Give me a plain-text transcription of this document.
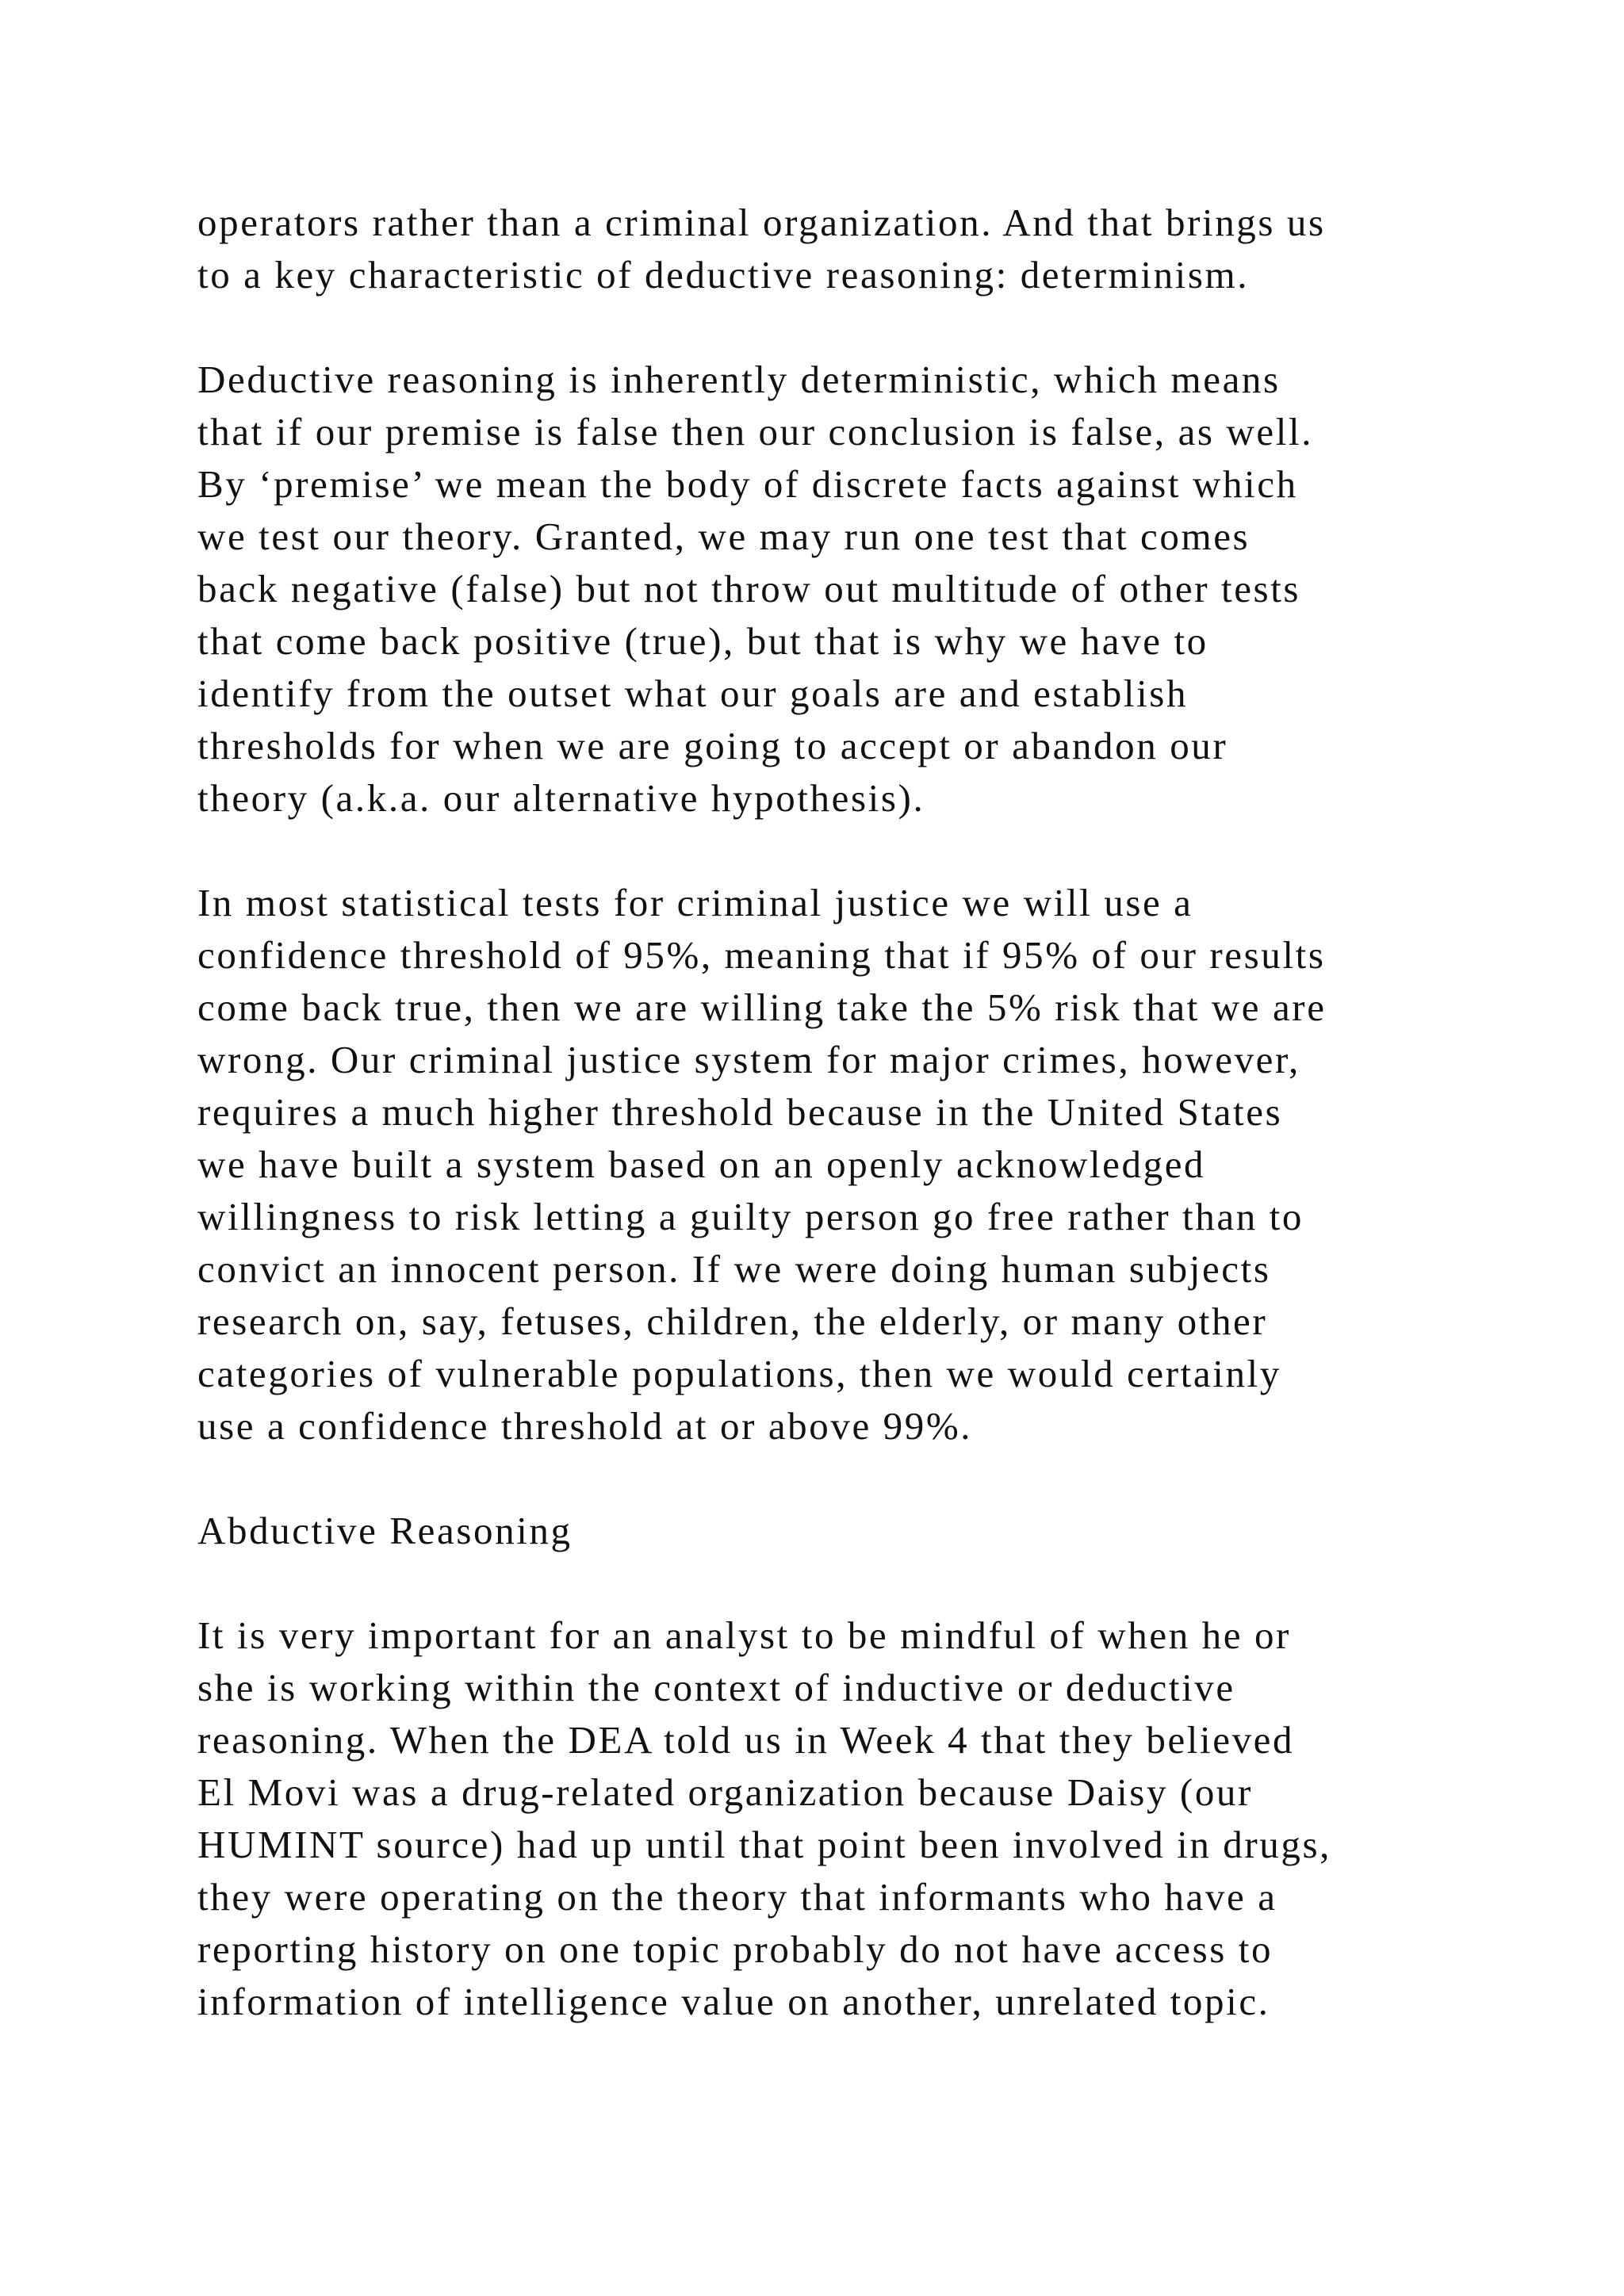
operators rather than a criminal organization. And that brings us
to a key characteristic of deductive reasoning: determinism.
Deductive reasoning is inherently deterministic, which means
that if our premise is false then our conclusion is false, as well.
By ‘premise’ we mean the body of discrete facts against which
we test our theory. Granted, we may run one test that comes
back negative (false) but not throw out multitude of other tests
that come back positive (true), but that is why we have to
identify from the outset what our goals are and establish
thresholds for when we are going to accept or abandon our
theory (a.k.a. our alternative hypothesis).
In most statistical tests for criminal justice we will use a
confidence threshold of 95%, meaning that if 95% of our results
come back true, then we are willing take the 5% risk that we are
wrong. Our criminal justice system for major crimes, however,
requires a much higher threshold because in the United States
we have built a system based on an openly acknowledged
willingness to risk letting a guilty person go free rather than to
convict an innocent person. If we were doing human subjects
research on, say, fetuses, children, the elderly, or many other
categories of vulnerable populations, then we would certainly
use a confidence threshold at or above 99%.
Abductive Reasoning
It is very important for an analyst to be mindful of when he or
she is working within the context of inductive or deductive
reasoning. When the DEA told us in Week 4 that they believed
El Movi was a drug-related organization because Daisy (our
HUMINT source) had up until that point been involved in drugs,
they were operating on the theory that informants who have a
reporting history on one topic probably do not have access to
information of intelligence value on another, unrelated topic.
